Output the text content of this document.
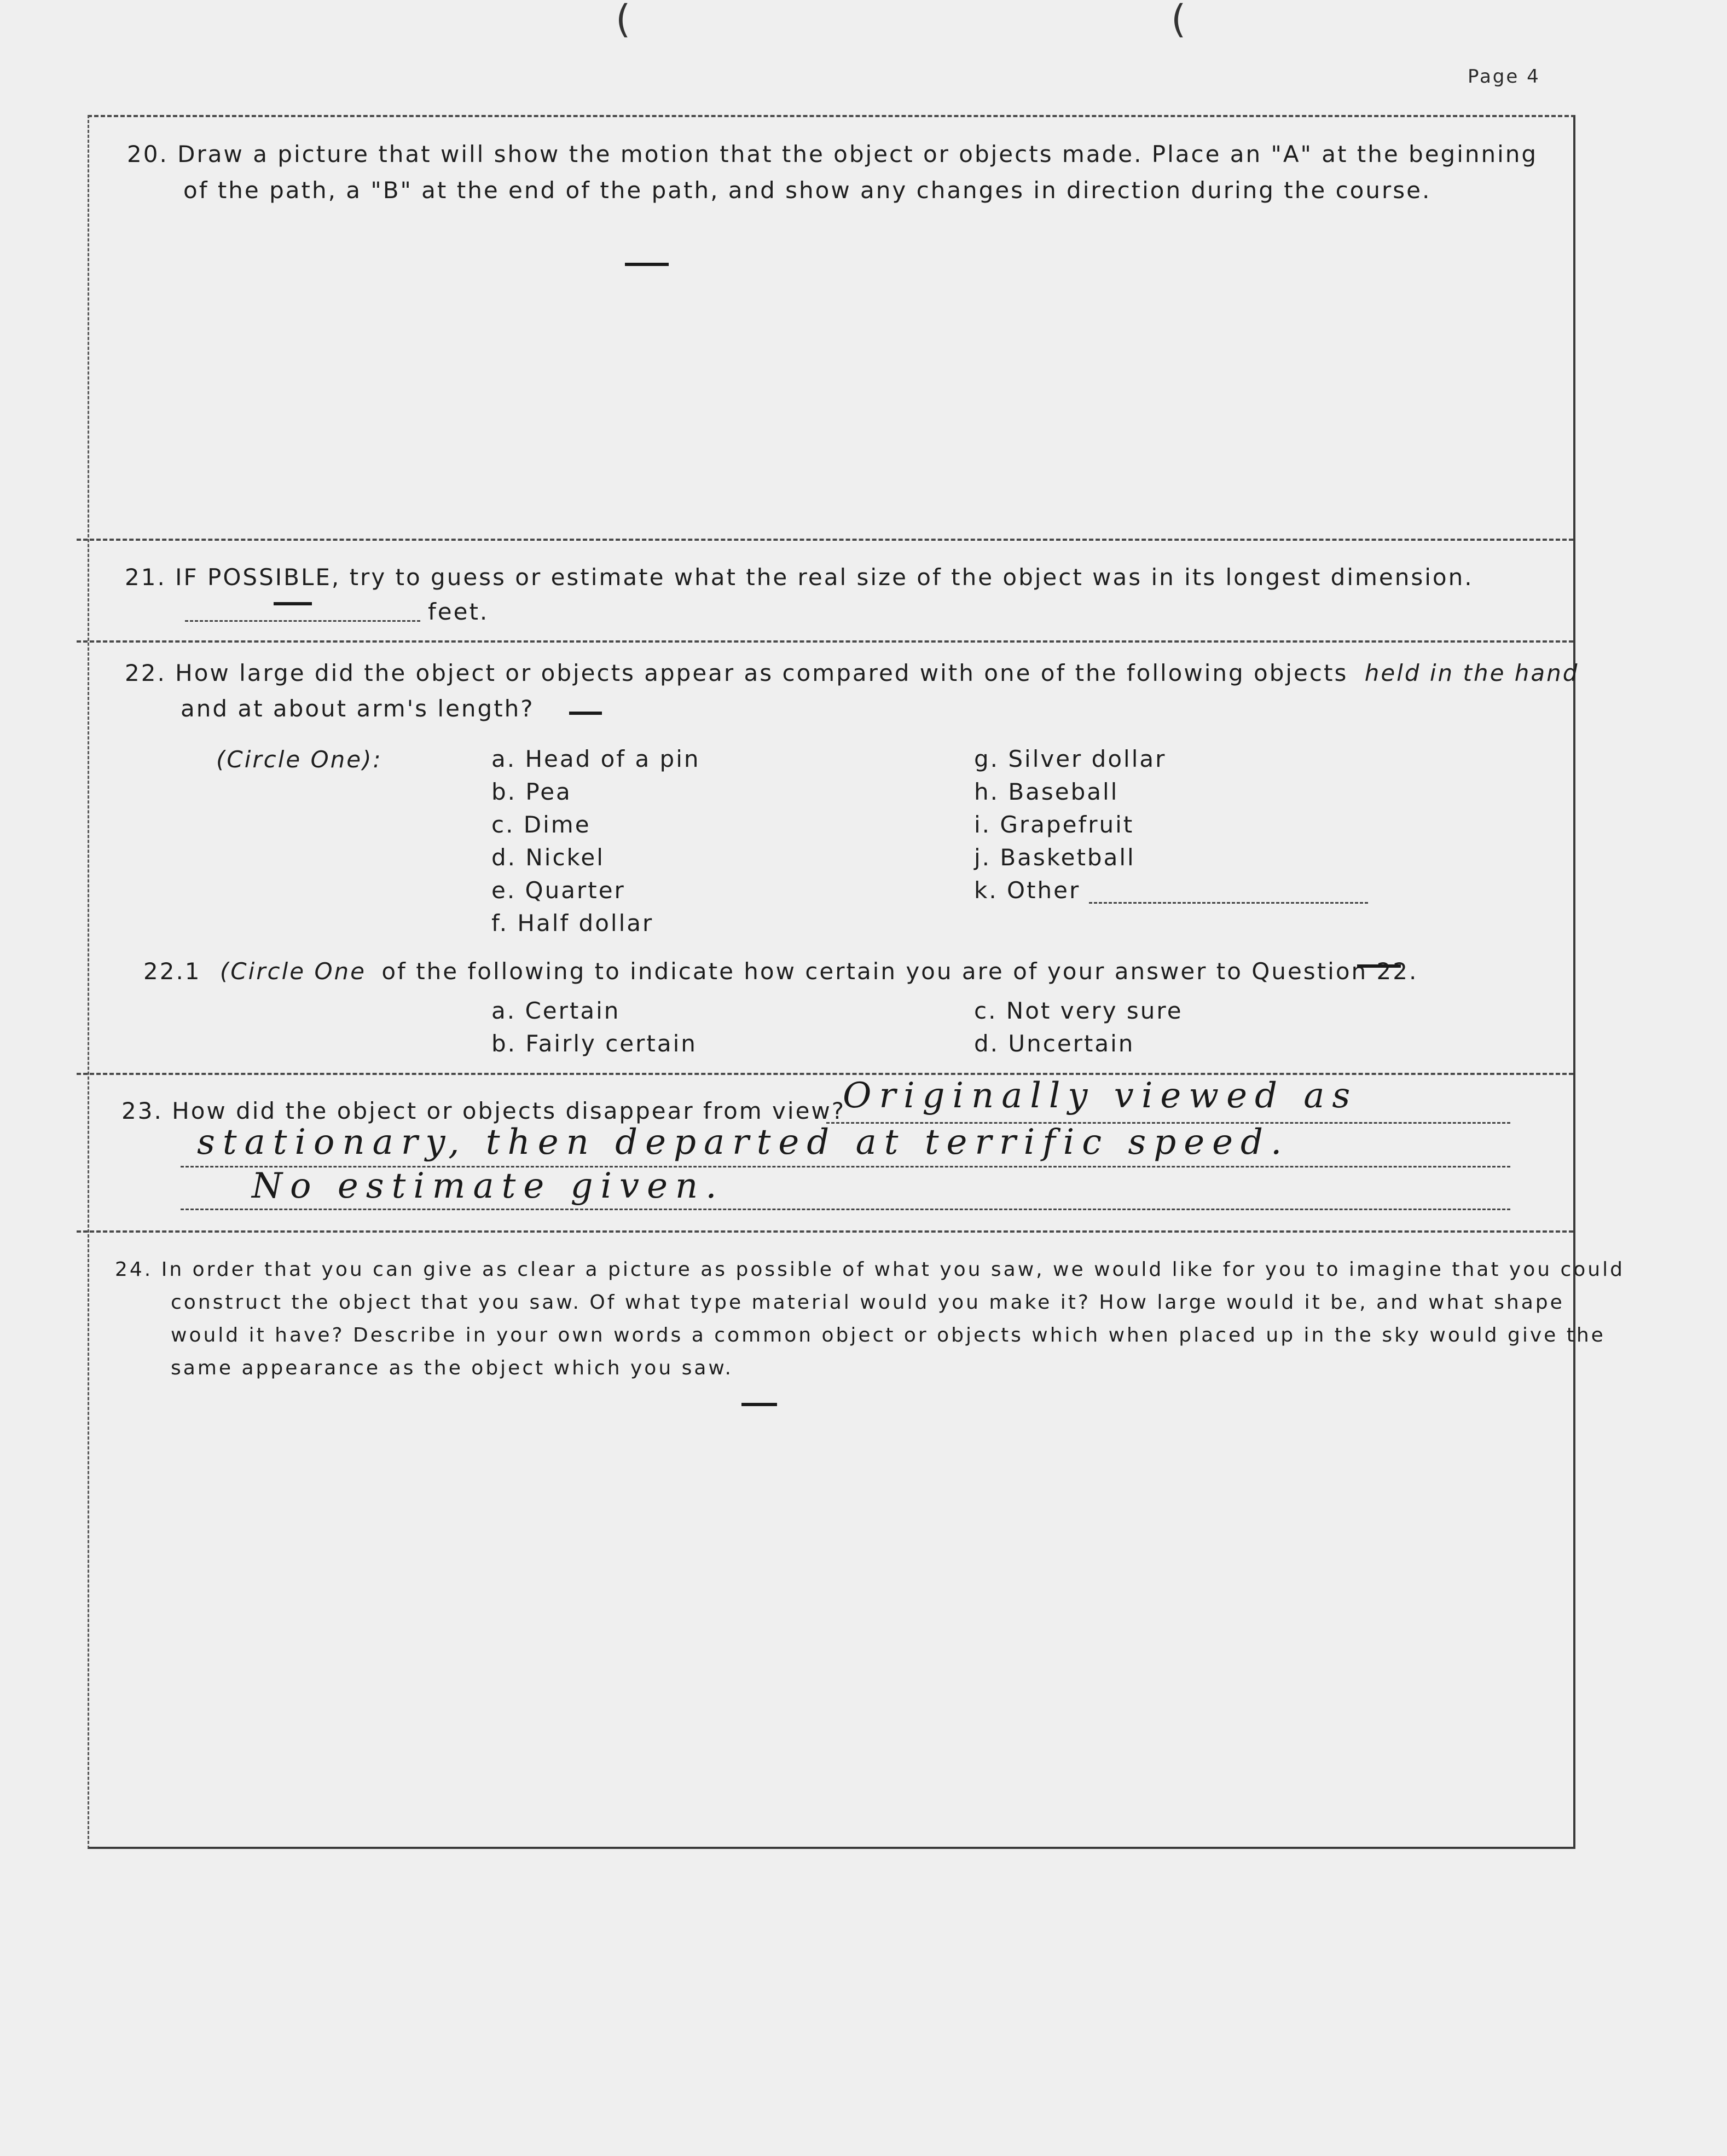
Page 4
(	(
20. Draw a picture that will show the motion that the object or objects made. Place an "A" at the beginning
of the path, a "B" at the end of the path, and show any changes in direction during the course.
21. IF POSSIBLE, try to guess or estimate what the real size of the object was in its longest dimension.
feet.
22. How large did the object or objects appear as compared with one of the following objects held in the hand
and at about arm's length?
(Circle One):	a. Head of a pin
b. Pea
c. Dime
d. Nickel
e. Quarter
f. Half dollar
g. Silver dollar
h. Baseball
i. Grapefruit
j. Basketball
k. Other
22.1 (Circle One of the following to indicate how certain you are of your answer to Question 22.
a. Certain
b. Fairly certain
c. Not very sure
d. Uncertain
23. How did the object or objects disappear from view?
Originally viewed as
stationary, then departed at terrific speed.
No estimate given.
24. In order that you can give as clear a picture as possible of what you saw, we would like for you to imagine that you could
construct the object that you saw. Of what type material would you make it? How large would it be, and what shape
would it have? Describe in your own words a common object or objects which when placed up in the sky would give the
same appearance as the object which you saw.
